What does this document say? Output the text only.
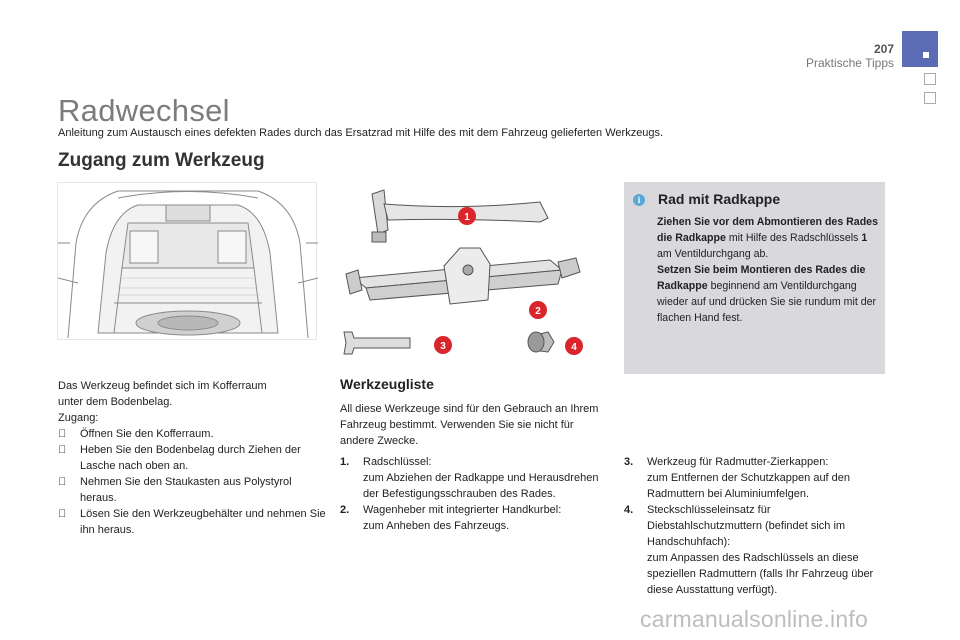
207
Praktische Tipps
Radwechsel
Anleitung zum Austausch eines defekten Rades durch das Ersatzrad mit Hilfe des mit dem Fahrzeug gelieferten Werkzeugs.
Zugang zum Werkzeug
1
2
3	4
i	Rad mit Radkappe
Ziehen Sie vor dem Abmontieren des Rades die Radkappe mit Hilfe des Radschlüssels 1 am Ventildurchgang ab.
Setzen Sie beim Montieren des Rades die Radkappe beginnend am Ventildurchgang wieder auf und drücken Sie sie rundum mit der flachen Hand fest.
Das Werkzeug befindet sich im Kofferraum
unter dem Bodenbelag.
Zugang:
Öffnen Sie den Kofferraum.
Heben Sie den Bodenbelag durch Ziehen der Lasche nach oben an.
Nehmen Sie den Staukasten aus Polystyrol heraus.
Lösen Sie den Werkzeugbehälter und nehmen Sie ihn heraus.
Werkzeugliste
All diese Werkzeuge sind für den Gebrauch an Ihrem Fahrzeug bestimmt. Verwenden Sie sie nicht für andere Zwecke.
1. Radschlüssel:
zum Abziehen der Radkappe und Herausdrehen der Befestigungsschrauben des Rades.
2. Wagenheber mit integrierter Handkurbel:
zum Anheben des Fahrzeugs.
3. Werkzeug für Radmutter-Zierkappen:
zum Entfernen der Schutzkappen auf den Radmuttern bei Aluminiumfelgen.
4. Steckschlüsseleinsatz für Diebstahlschutzmuttern (befindet sich im Handschuhfach):
zum Anpassen des Radschlüssels an diese speziellen Radmuttern (falls Ihr Fahrzeug über diese Ausstattung verfügt).
carmanualsonline.info
